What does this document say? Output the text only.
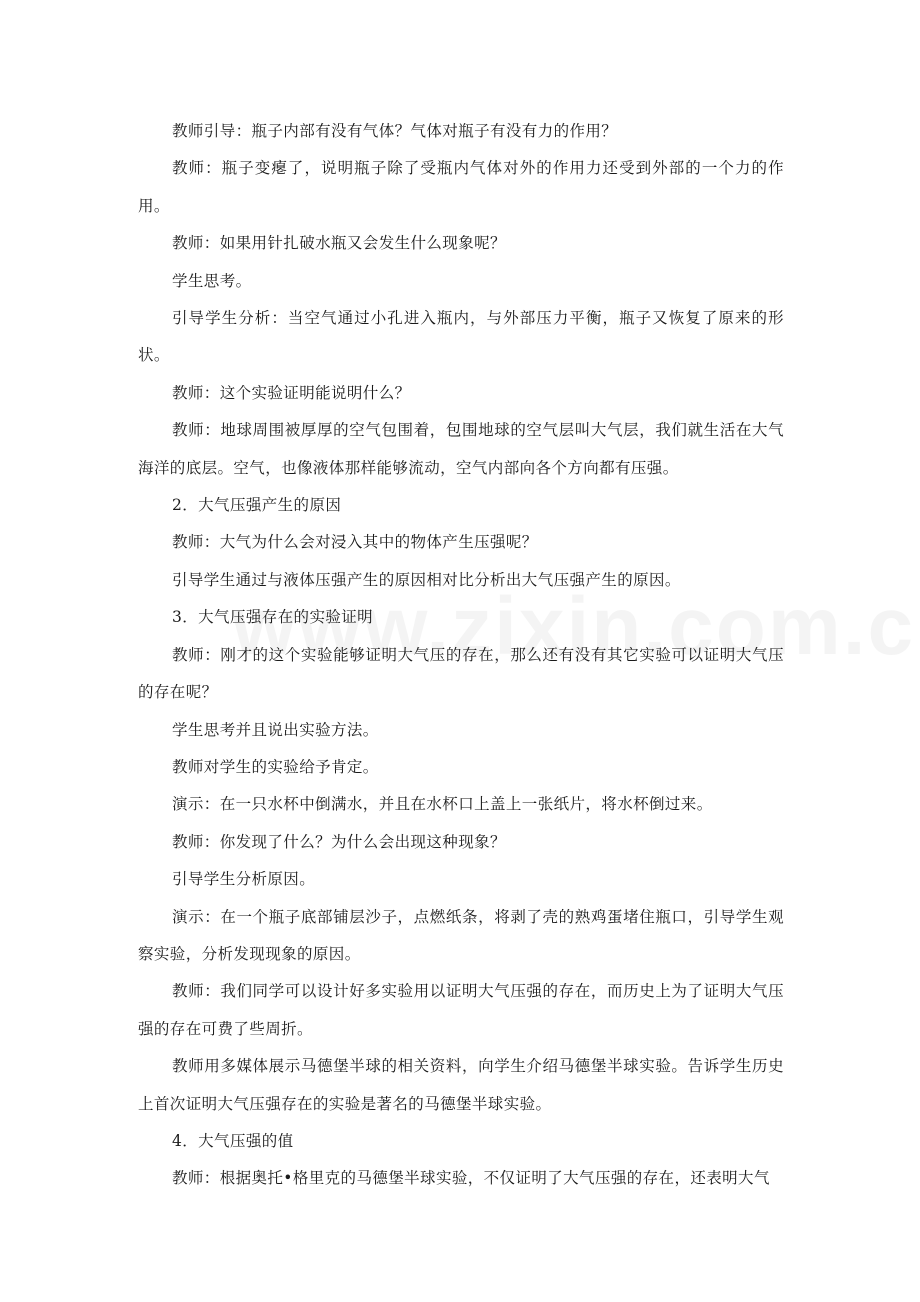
教师引导：瓶子内部有没有气体？气体对瓶子有没有力的作用？

教师：瓶子变瘪了，说明瓶子除了受瓶内气体对外的作用力还受到外部的一个力的作用。

教师：如果用针扎破水瓶又会发生什么现象呢？

学生思考。

引导学生分析：当空气通过小孔进入瓶内，与外部压力平衡，瓶子又恢复了原来的形状。

教师：这个实验证明能说明什么？

教师：地球周围被厚厚的空气包围着，包围地球的空气层叫大气层，我们就生活在大气海洋的底层。空气，也像液体那样能够流动，空气内部向各个方向都有压强。

2．大气压强产生的原因

教师：大气为什么会对浸入其中的物体产生压强呢？

引导学生通过与液体压强产生的原因相对比分析出大气压强产生的原因。

3．大气压强存在的实验证明

教师：刚才的这个实验能够证明大气压的存在，那么还有没有其它实验可以证明大气压的存在呢？

学生思考并且说出实验方法。

教师对学生的实验给予肯定。

演示：在一只水杯中倒满水，并且在水杯口上盖上一张纸片，将水杯倒过来。

教师：你发现了什么？为什么会出现这种现象？

引导学生分析原因。

演示：在一个瓶子底部铺层沙子，点燃纸条，将剥了壳的熟鸡蛋堵住瓶口，引导学生观察实验，分析发现现象的原因。

教师：我们同学可以设计好多实验用以证明大气压强的存在，而历史上为了证明大气压强的存在可费了些周折。

教师用多媒体展示马德堡半球的相关资料，向学生介绍马德堡半球实验。告诉学生历史上首次证明大气压强存在的实验是著名的马德堡半球实验。

4．大气压强的值

教师：根据奥托•格里克的马德堡半球实验，不仅证明了大气压强的存在，还表明大气
